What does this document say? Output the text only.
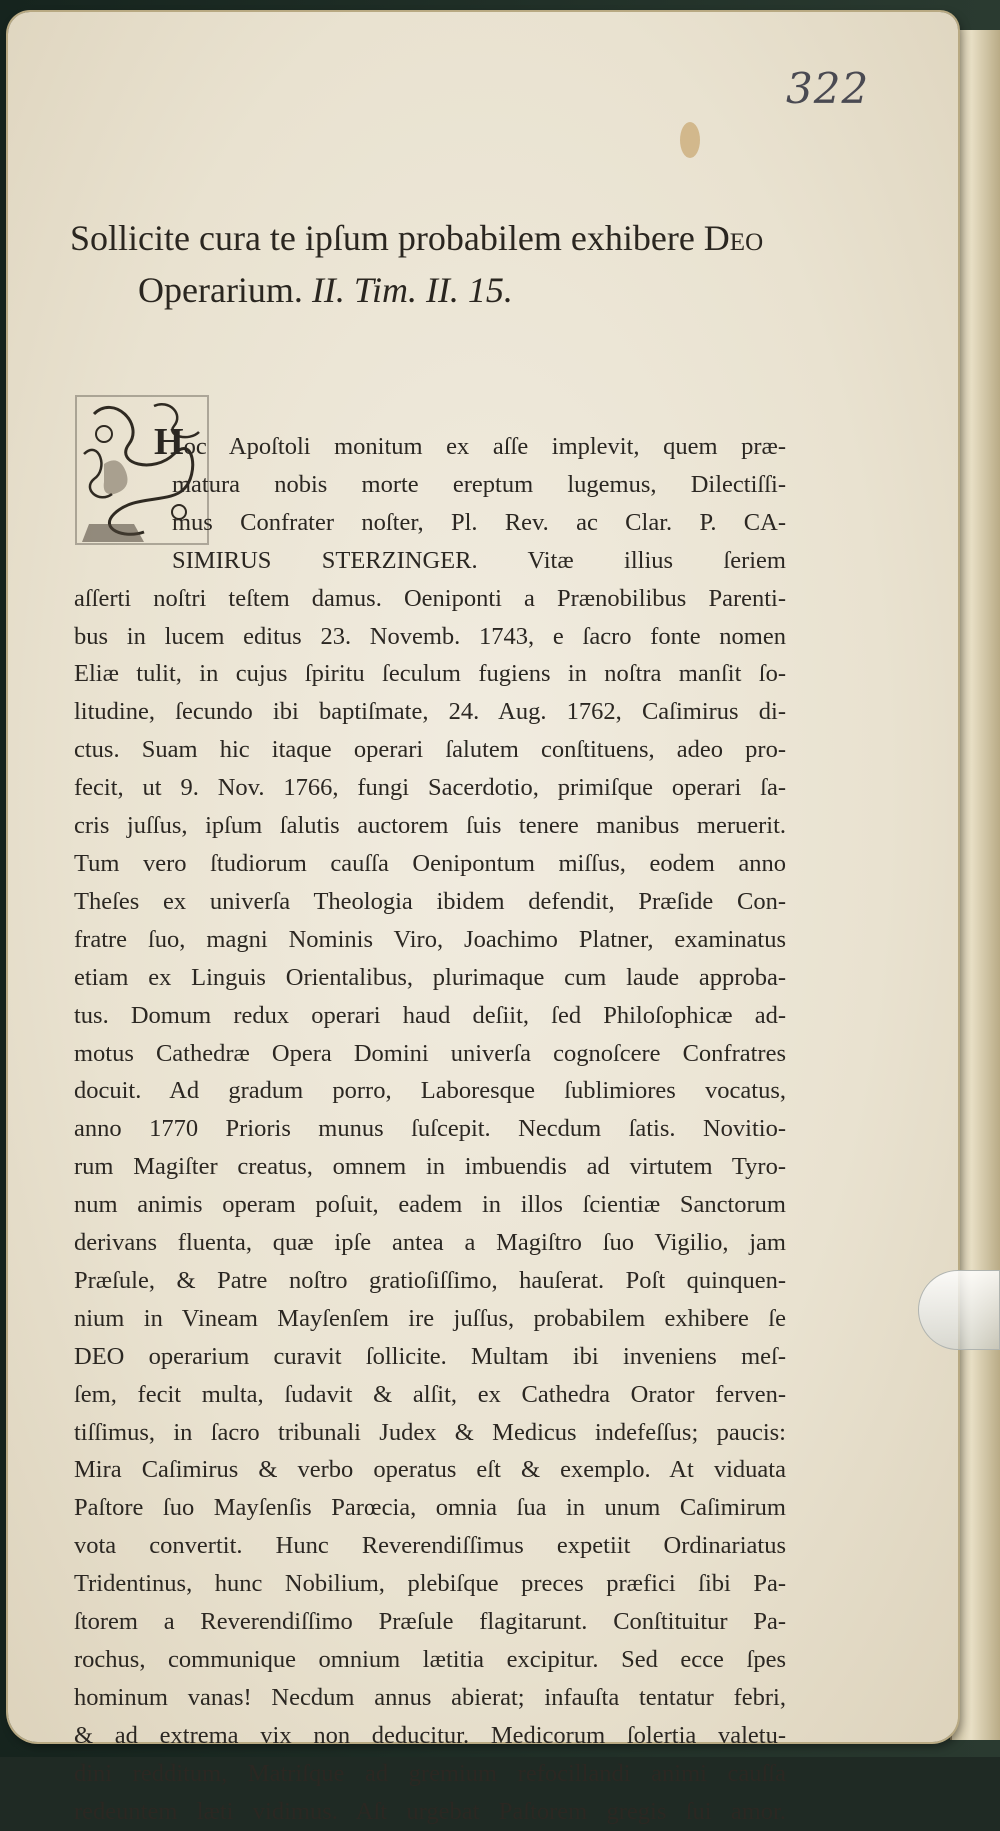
322
Sollicite cura te ipſum probabilem exhibere Deo
Operarium. II. Tim. II. 15.
Hoc Apoſtoli monitum ex aſſe implevit, quem præ-
matura nobis morte ereptum lugemus, Dilectiſſi-
mus Confrater noſter, Pl. Rev. ac Clar. P. CA-
SIMIRUS STERZINGER. Vitæ illius ſeriem
aſſerti noſtri teſtem damus. Oeniponti a Prænobilibus Parenti-
bus in lucem editus 23. Novemb. 1743, e ſacro fonte nomen
Eliæ tulit, in cujus ſpiritu ſeculum fugiens in noſtra manſit ſo-
litudine, ſecundo ibi baptiſmate, 24. Aug. 1762, Caſimirus di-
ctus. Suam hic itaque operari ſalutem conſtituens, adeo pro-
fecit, ut 9. Nov. 1766, fungi Sacerdotio, primiſque operari ſa-
cris juſſus, ipſum ſalutis auctorem ſuis tenere manibus meruerit.
Tum vero ſtudiorum cauſſa Oenipontum miſſus, eodem anno
Theſes ex univerſa Theologia ibidem defendit, Præſide Con-
fratre ſuo, magni Nominis Viro, Joachimo Platner, examinatus
etiam ex Linguis Orientalibus, plurimaque cum laude approba-
tus. Domum redux operari haud deſiit, ſed Philoſophicæ ad-
motus Cathedræ Opera Domini univerſa cognoſcere Confratres
docuit. Ad gradum porro, Laboresque ſublimiores vocatus,
anno 1770 Prioris munus ſuſcepit. Necdum ſatis. Novitio-
rum Magiſter creatus, omnem in imbuendis ad virtutem Tyro-
num animis operam poſuit, eadem in illos ſcientiæ Sanctorum
derivans fluenta, quæ ipſe antea a Magiſtro ſuo Vigilio, jam
Præſule, & Patre noſtro gratioſiſſimo, hauſerat. Poſt quinquen-
nium in Vineam Mayſenſem ire juſſus, probabilem exhibere ſe
DEO operarium curavit ſollicite. Multam ibi inveniens meſ-
ſem, fecit multa, ſudavit & alſit, ex Cathedra Orator ferven-
tiſſimus, in ſacro tribunali Judex & Medicus indefeſſus; paucis:
Mira Caſimirus & verbo operatus eſt & exemplo. At viduata
Paſtore ſuo Mayſenſis Parœcia, omnia ſua in unum Caſimirum
vota convertit. Hunc Reverendiſſimus expetiit Ordinariatus
Tridentinus, hunc Nobilium, plebiſque preces præfici ſibi Pa-
ſtorem a Reverendiſſimo Præſule flagitarunt. Conſtituitur Pa-
rochus, communique omnium lætitia excipitur. Sed ecce ſpes
hominum vanas! Necdum annus abierat; infauſta tentatur febri,
& ad extrema vix non deducitur. Medicorum ſolertia valetu-
dini redditum, Matriſque ad gremium refocillandi animi cauſſa
redeuntem læti vidimus. Aſt urgebat Paſtorem gregis ſui amor.
